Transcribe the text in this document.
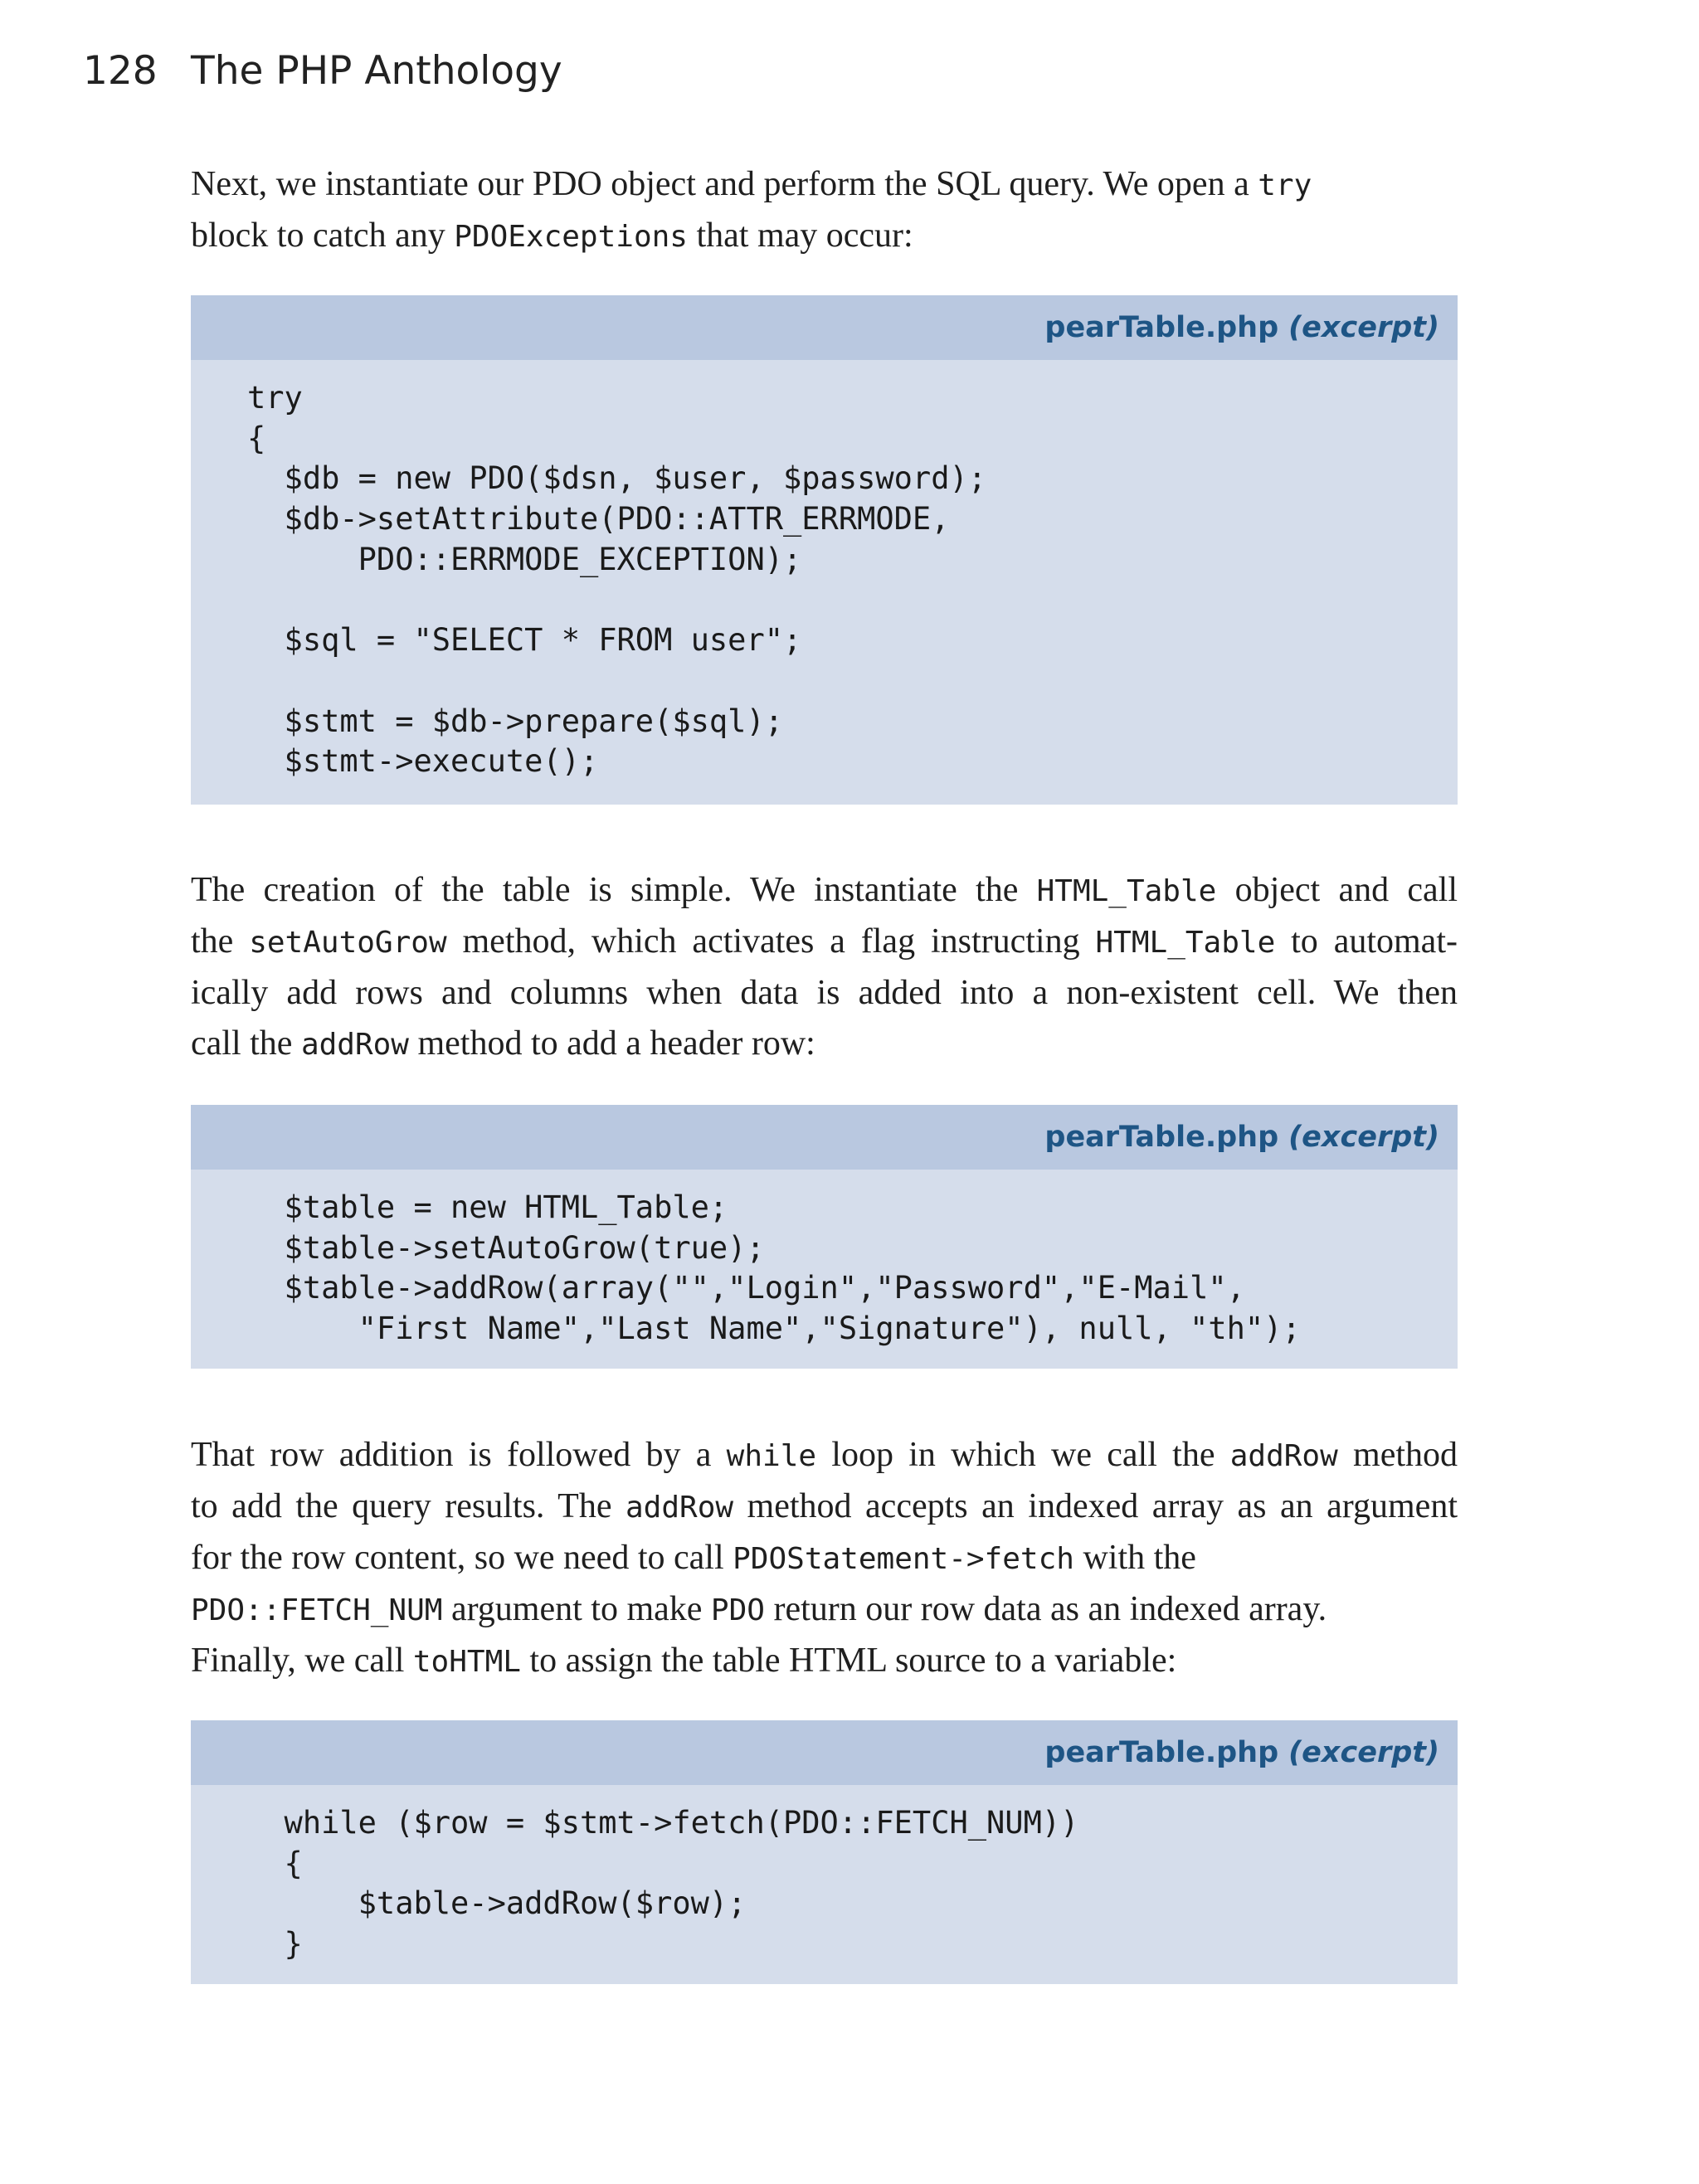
128 The PHP Anthology

Next, we instantiate our PDO object and perform the SQL query. We open a try
block to catch any PDOExceptions that may occur:

pearTable.php (excerpt)
try
{
$db = new PDO($dsn, $user, $password);
$db->setAttribute(PDO::ATTR_ERRMODE,
PDO::ERRMODE_EXCEPTION);

$sql = "SELECT * FROM user";

$stmt = $db->prepare($sql);
$stmt->execute();

The creation of the table is simple. We instantiate the HTML_Table object and call
the setAutoGrow method, which activates a flag instructing HTML_Table to automat-
ically add rows and columns when data is added into a non-existent cell. We then
call the addRow method to add a header row:

pearTable.php (excerpt)
$table = new HTML_Table;
$table->setAutoGrow(true);
$table->addRow(array("","Login","Password","E-Mail",
"First Name","Last Name","Signature"), null, "th");

That row addition is followed by a while loop in which we call the addRow method
to add the query results. The addRow method accepts an indexed array as an argument
for the row content, so we need to call PDOStatement->fetch with the
PDO::FETCH_NUM argument to make PDO return our row data as an indexed array.
Finally, we call toHTML to assign the table HTML source to a variable:

pearTable.php (excerpt)
while ($row = $stmt->fetch(PDO::FETCH_NUM))
{
$table->addRow($row);
}
